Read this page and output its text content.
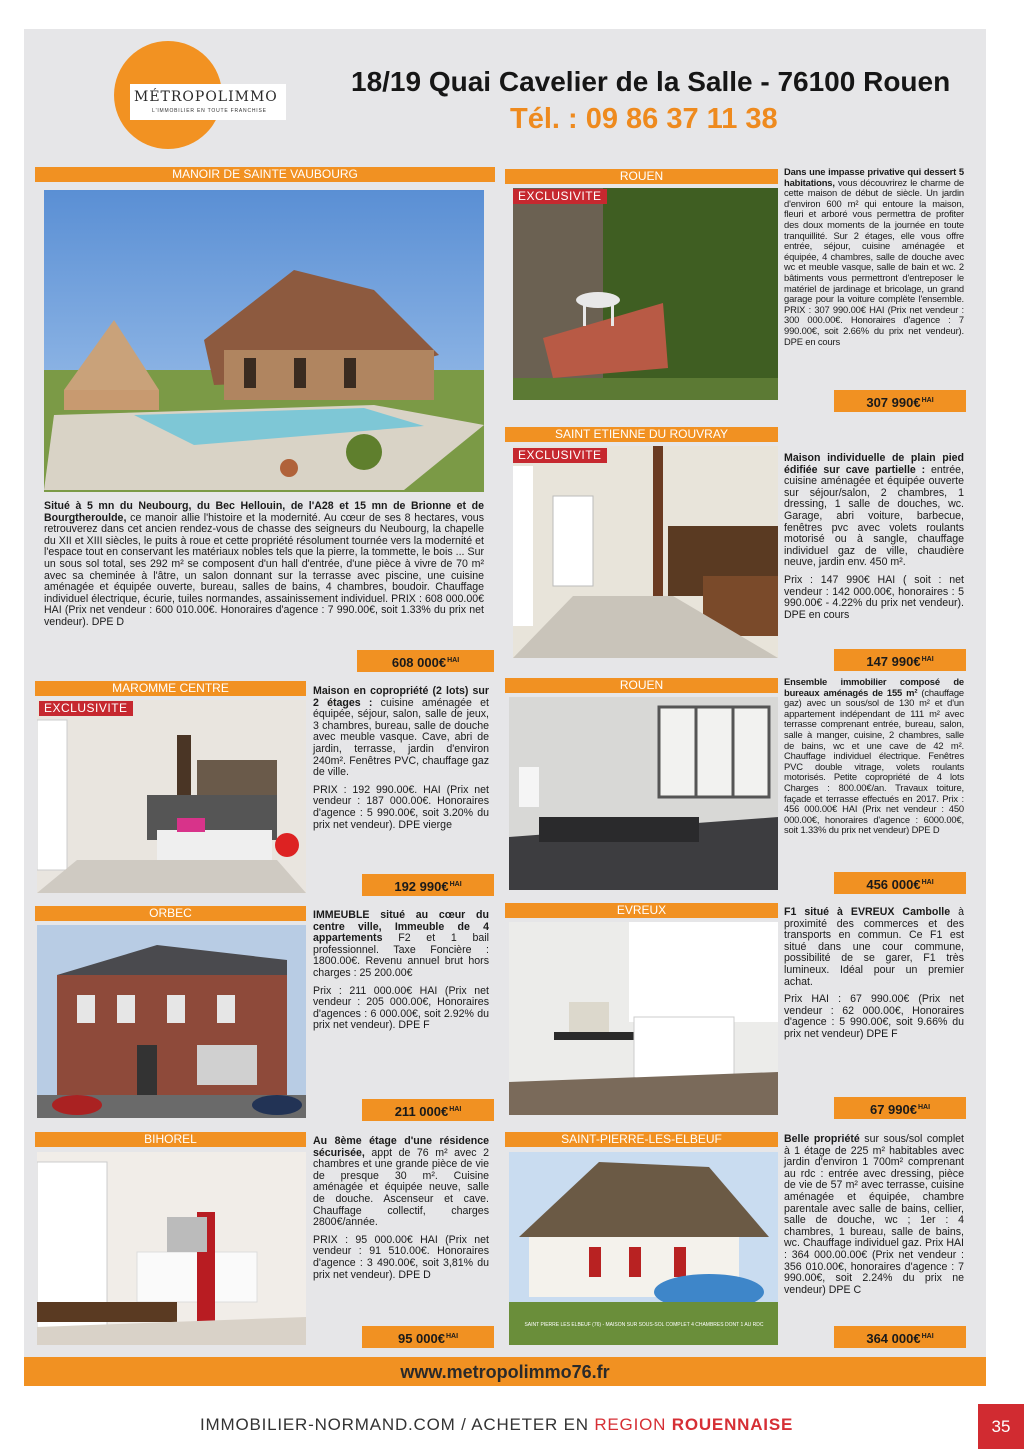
MÉTROPOLIMMO
L'IMMOBILIER EN TOUTE FRANCHISE
18/19 Quai Cavelier de la Salle - 76100 Rouen
Tél. : 09 86 37 11 38
MANOIR DE SAINTE VAUBOURG
Situé à 5 mn du Neubourg, du Bec Hellouin, de l'A28 et 15 mn de Brionne et de Bourgtheroulde, ce manoir allie l'histoire et la modernité. Au cœur de ses 8 hectares, vous retrouverez dans cet ancien rendez-vous de chasse des seigneurs du Neubourg, la chapelle du XII et XIII siècles, le puits à roue et cette propriété résolument tournée vers la modernité et l'espace tout en conservant les matériaux nobles tels que la pierre, la tommette, le bois ... Sur un sous sol total, ses 292 m² se composent d'un hall d'entrée, d'une pièce à vivre de 70 m² avec sa cheminée à l'âtre, un salon donnant sur la terrasse avec piscine, une cuisine aménagée et équipée ouverte, bureau, salles de bains, 4 chambres, boudoir. Chauffage individuel électrique, écurie, tuiles normandes, assainissement individuel. PRIX : 608 000.00€ HAI (Prix net vendeur : 600 010.00€. Honoraires d'agence : 7 990.00€, soit 1.33% du prix net vendeur). DPE D
608 000€$^{HAI}$
ROUEN
EXCLUSIVITE
Dans une impasse privative qui dessert 5 habitations, vous découvrirez le charme de cette maison de début de siècle. Un jardin d'environ 600 m² qui entoure la maison, fleuri et arboré vous permettra de profiter des doux moments de la journée en toute tranquillité. Sur 2 étages, elle vous offre entrée, séjour, cuisine aménagée et équipée, 4 chambres, salle de douche avec wc et meuble vasque, salle de bain et wc. 2 bâtiments vous permettront d'entreposer le matériel de jardinage et bricolage, un grand garage pour la voiture complète l'ensemble. PRIX : 307 990.00€ HAI (Prix net vendeur : 300 000.00€. Honoraires d'agence : 7 990.00€, soit 2.66% du prix net vendeur). DPE en cours
307 990€$^{HAI}$
SAINT ETIENNE DU ROUVRAY
EXCLUSIVITE	Maison individuelle de plain pied édifiée sur cave partielle : entrée, cuisine aménagée et équipée ouverte sur séjour/salon, 2 chambres, 1 dressing, 1 salle de douches, wc. Garage, abri voiture, barbecue, fenêtres pvc avec volets roulants motorisé ou à sangle, chauffage individuel gaz de ville, chaudière neuve, jardin env. 450 m².
Prix : 147 990€ HAI ( soit : net vendeur : 142 000.00€, honoraires : 5 990.00€ - 4.22% du prix net vendeur). DPE en cours
147 990€$^{HAI}$
MAROMME CENTRE
EXCLUSIVITE
Maison en copropriété (2 lots) sur 2 étages : cuisine aménagée et équipée, séjour, salon, salle de jeux, 3 chambres, bureau, salle de douche avec meuble vasque. Cave, abri de jardin, terrasse, jardin d'environ 240m². Fenêtres PVC, chauffage gaz de ville.
PRIX : 192 990.00€. HAI (Prix net vendeur : 187 000.00€. Honoraires d'agence : 5 990.00€, soit 3.20% du prix net vendeur). DPE vierge
192 990€$^{HAI}$
ROUEN	Ensemble immobilier composé de bureaux aménagés de 155 m² (chauffage gaz) avec un sous/sol de 130 m² et d'un appartement indépendant de 111 m² avec terrasse comprenant entrée, bureau, salon, salle à manger, cuisine, 2 chambres, salle de bains, wc et une cave de 42 m². Chauffage individuel électrique. Fenêtres PVC double vitrage, volets roulants motorisés. Petite copropriété de 4 lots Charges : 800.00€/an. Travaux toiture, façade et terrasse effectués en 2017. Prix : 456 000.00€ HAI (Prix net vendeur : 450 000.00€, honoraires d'agence : 6000.00€, soit 1.33% du prix net vendeur) DPE D
456 000€$^{HAI}$
ORBEC	IMMEUBLE situé au cœur du centre ville, Immeuble de 4 appartements F2 et 1 bail professionnel. Taxe Foncière : 1800.00€. Revenu annuel brut hors charges : 25 200.00€
Prix : 211 000.00€ HAI (Prix net vendeur : 205 000.00€, Honoraires d'agences : 6 000.00€, soit 2.92% du prix net vendeur). DPE F
211 000€$^{HAI}$
EVREUX	F1 situé à EVREUX Cambolle à proximité des commerces et des transports en commun. Ce F1 est situé dans une cour commune, possibilité de se garer, F1 très lumineux. Idéal pour un premier achat.
Prix HAI : 67 990.00€ (Prix net vendeur : 62 000.00€, Honoraires d'agence : 5 990.00€, soit 9.66% du prix net vendeur) DPE F
67 990€$^{HAI}$
BIHOREL	Au 8ème étage d'une résidence sécurisée, appt de 76 m² avec 2 chambres et une grande pièce de vie de presque 30 m². Cuisine aménagée et équipée neuve, salle de douche. Ascenseur et cave. Chauffage collectif, charges 2800€/année.
PRIX : 95 000.00€ HAI (Prix net vendeur : 91 510.00€. Honoraires d'agence : 3 490.00€, soit 3,81% du prix net vendeur). DPE D
95 000€$^{HAI}$
SAINT-PIERRE-LES-ELBEUF
SAINT PIERRE LES ELBEUF (76) - MAISON SUR SOUS-SOL COMPLET 4 CHAMBRES DONT 1 AU RDC
Belle propriété sur sous/sol complet à 1 étage de 225 m² habitables avec jardin d'environ 1 700m² comprenant au rdc : entrée avec dressing, pièce de vie de 57 m² avec terrasse, cuisine aménagée et équipée, chambre parentale avec salle de bains, cellier, salle de douche, wc ; 1er : 4 chambres, 1 bureau, salle de bains, wc. Chauffage individuel gaz. Prix HAI : 364 000.00.00€ (Prix net vendeur : 356 010.00€, honoraires d'agence : 7 990.00€, soit 2.24% du prix ne vendeur) DPE C
364 000€$^{HAI}$
www.metropolimmo76.fr
IMMOBILIER-NORMAND.COM / ACHETER EN REGION ROUENNAISE	35
